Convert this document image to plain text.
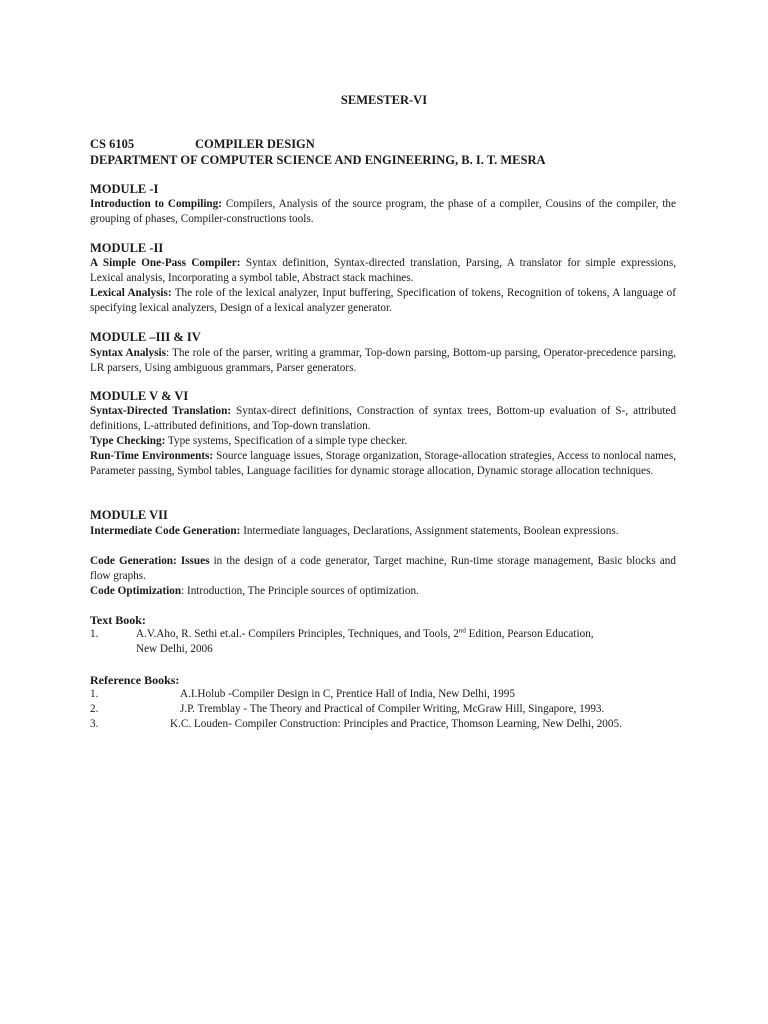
SEMESTER-VI
CS 6105	COMPILER DESIGN
DEPARTMENT OF COMPUTER SCIENCE AND ENGINEERING, B. I. T. MESRA
MODULE -I
Introduction to Compiling: Compilers, Analysis of the source program, the phase of a compiler, Cousins of the compiler, the grouping of phases, Compiler-constructions tools.
MODULE -II
A Simple One-Pass Compiler: Syntax definition, Syntax-directed translation, Parsing, A translator for simple expressions, Lexical analysis, Incorporating a symbol table, Abstract stack machines.
Lexical Analysis: The role of the lexical analyzer, Input buffering, Specification of tokens, Recognition of tokens, A language of specifying lexical analyzers, Design of a lexical analyzer generator.
MODULE –III & IV
Syntax Analysis: The role of the parser, writing a grammar, Top-down parsing, Bottom-up parsing, Operator-precedence parsing, LR parsers, Using ambiguous grammars, Parser generators.
MODULE V & VI
Syntax-Directed Translation: Syntax-direct definitions, Constraction of syntax trees, Bottom-up evaluation of S-, attributed definitions, L-attributed definitions, and Top-down translation.
Type Checking: Type systems, Specification of a simple type checker.
Run-Time Environments: Source language issues, Storage organization, Storage-allocation strategies, Access to nonlocal names, Parameter passing, Symbol tables, Language facilities for dynamic storage allocation, Dynamic storage allocation techniques.
MODULE VII
Intermediate Code Generation: Intermediate languages, Declarations, Assignment statements, Boolean expressions.
Code Generation: Issues in the design of a code generator, Target machine, Run-time storage management, Basic blocks and flow graphs.
Code Optimization: Introduction, The Principle sources of optimization.
Text Book:
1.	A.V.Aho, R. Sethi et.al.- Compilers Principles, Techniques, and Tools, 2nd Edition, Pearson Education,
New Delhi, 2006
Reference Books:
1.	A.I.Holub -Compiler Design in C, Prentice Hall of India, New Delhi, 1995
2.	J.P. Tremblay - The Theory and Practical of Compiler Writing, McGraw Hill, Singapore, 1993.
3.	K.C. Louden- Compiler Construction: Principles and Practice, Thomson Learning, New Delhi, 2005.
